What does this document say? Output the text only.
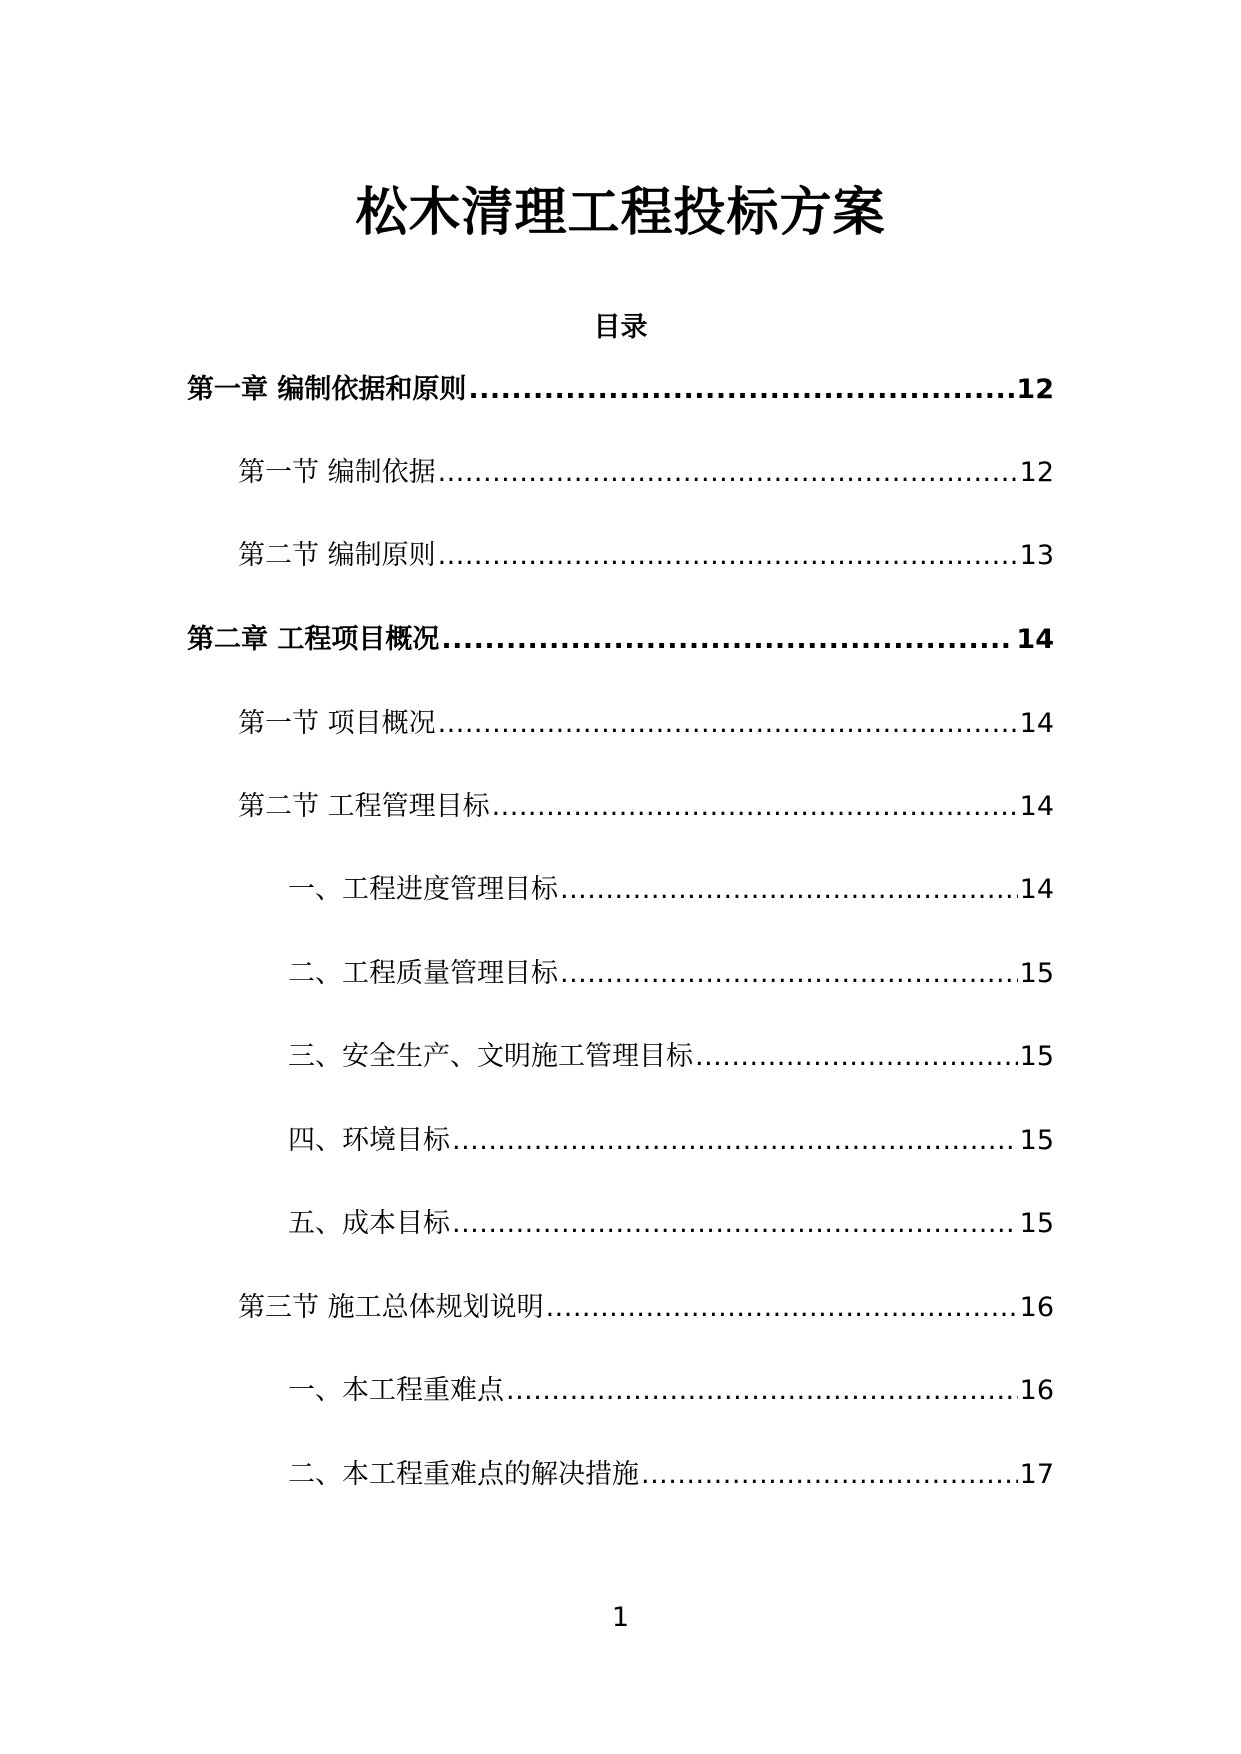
松木清理工程投标方案
目录
第一章 编制依据和原则 .....	12
第一节 编制依据 .....	12
第二节 编制原则 .....	13
第二章 工程项目概况 .....	14
第一节 项目概况 .....	14
第二节 工程管理目标 .....	14
一、工程进度管理目标 .....	14
二、工程质量管理目标 .....	15
三、安全生产、文明施工管理目标 .....	15
四、环境目标 .....	15
五、成本目标 .....	15
第三节 施工总体规划说明 .....	16
一、本工程重难点 .....	16
二、本工程重难点的解决措施 .....	17
1
